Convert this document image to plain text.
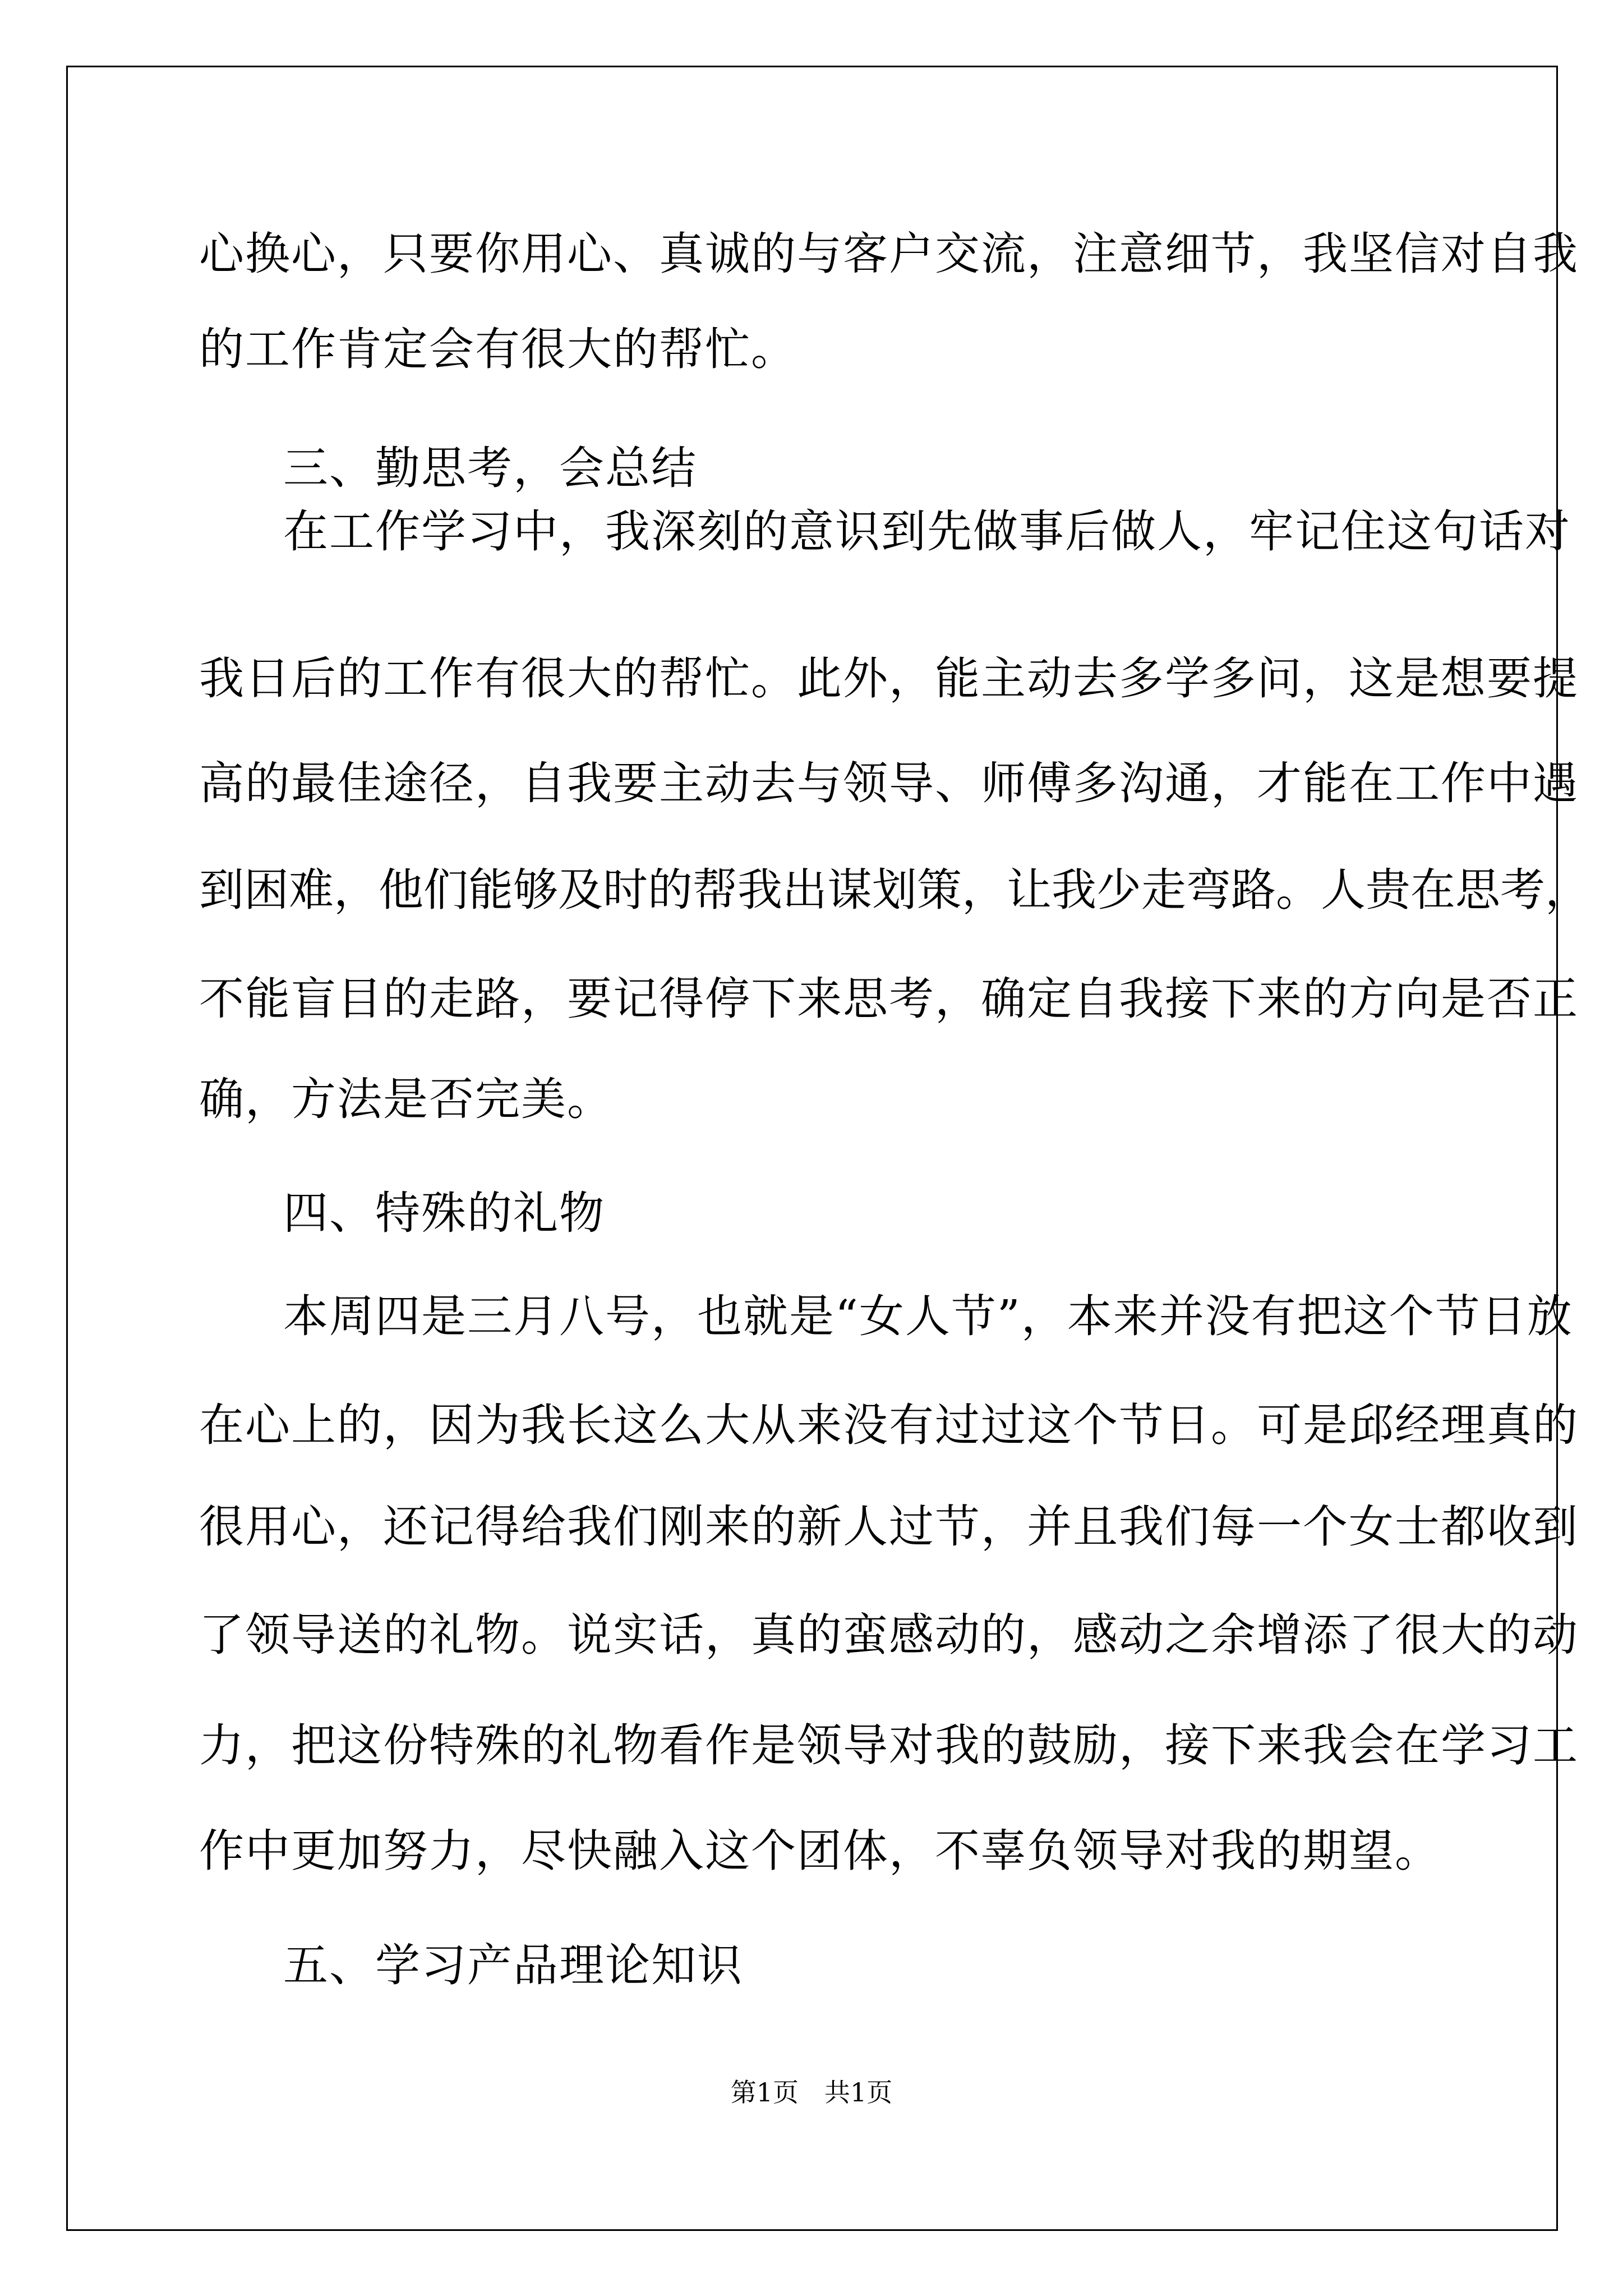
心换心，只要你用心、真诚的与客户交流，注意细节，我坚信对自我
的工作肯定会有很大的帮忙。
三、勤思考，会总结
在工作学习中，我深刻的意识到先做事后做人，牢记住这句话对
我日后的工作有很大的帮忙。此外，能主动去多学多问，这是想要提
高的最佳途径，自我要主动去与领导、师傅多沟通，才能在工作中遇
到困难，他们能够及时的帮我出谋划策，让我少走弯路。人贵在思考，
不能盲目的走路，要记得停下来思考，确定自我接下来的方向是否正
确，方法是否完美。
四、特殊的礼物
本周四是三月八号，也就是“女人节”，本来并没有把这个节日放
在心上的，因为我长这么大从来没有过过这个节日。可是邱经理真的
很用心，还记得给我们刚来的新人过节，并且我们每一个女士都收到
了领导送的礼物。说实话，真的蛮感动的，感动之余增添了很大的动
力，把这份特殊的礼物看作是领导对我的鼓励，接下来我会在学习工
作中更加努力，尽快融入这个团体，不辜负领导对我的期望。
五、学习产品理论知识
第1页　共1页
